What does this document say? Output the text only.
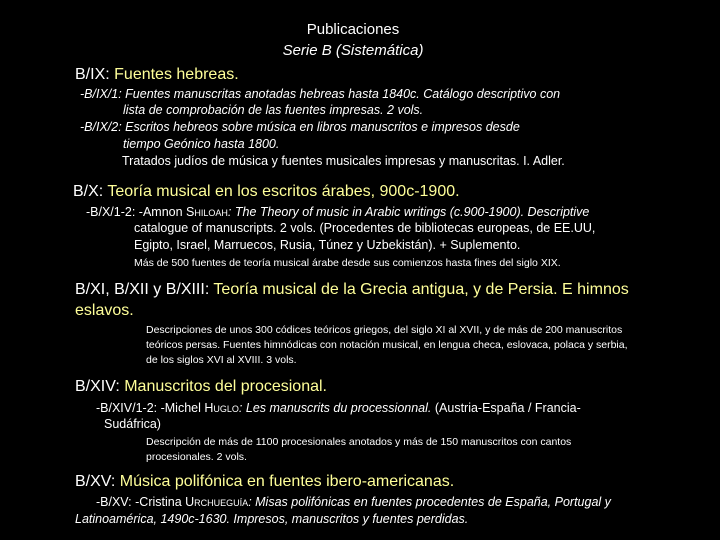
Publicaciones
Serie B (Sistemática)
B/IX: Fuentes hebreas.
-B/IX/1: Fuentes manuscritas anotadas hebreas hasta 1840c. Catálogo descriptivo con
lista de comprobación de las fuentes impresas. 2 vols.
-B/IX/2: Escritos hebreos sobre música en libros manuscritos e impresos desde
tiempo Geónico hasta 1800.
Tratados judíos de música y fuentes musicales impresas y manuscritas. I. Adler.
B/X: Teoría musical en los escritos árabes, 900c-1900.
-B/X/1-2: -Amnon Shiloah: The Theory of music in Arabic writings (c.900-1900). Descriptive
catalogue of manuscripts. 2 vols. (Procedentes de bibliotecas europeas, de EE.UU,
Egipto, Israel, Marruecos, Rusia, Túnez y Uzbekistán). + Suplemento.
Más de 500 fuentes de teoría musical árabe desde sus comienzos hasta fines del siglo XIX.
B/XI, B/XII y B/XIII: Teoría musical de la Grecia antigua, y de Persia. E himnos
eslavos.
Descripciones de unos 300 códices teóricos griegos, del siglo XI al XVII, y de más de 200 manuscritos
teóricos persas. Fuentes himnódicas con notación musical, en lengua checa, eslovaca, polaca y serbia,
de los siglos XVI al XVIII. 3 vols.
B/XIV: Manuscritos del procesional.
-B/XIV/1-2: -Michel Huglo: Les manuscrits du processionnal. (Austria-España / Francia-
Sudáfrica)
Descripción de más de 1100 procesionales anotados y más de 150 manuscritos con cantos
procesionales. 2 vols.
B/XV: Música polifónica en fuentes ibero-americanas.
-B/XV: -Cristina Urchueguía: Misas polifónicas en fuentes procedentes de España, Portugal y
Latinoamérica, 1490c-1630. Impresos, manuscritos y fuentes perdidas.
